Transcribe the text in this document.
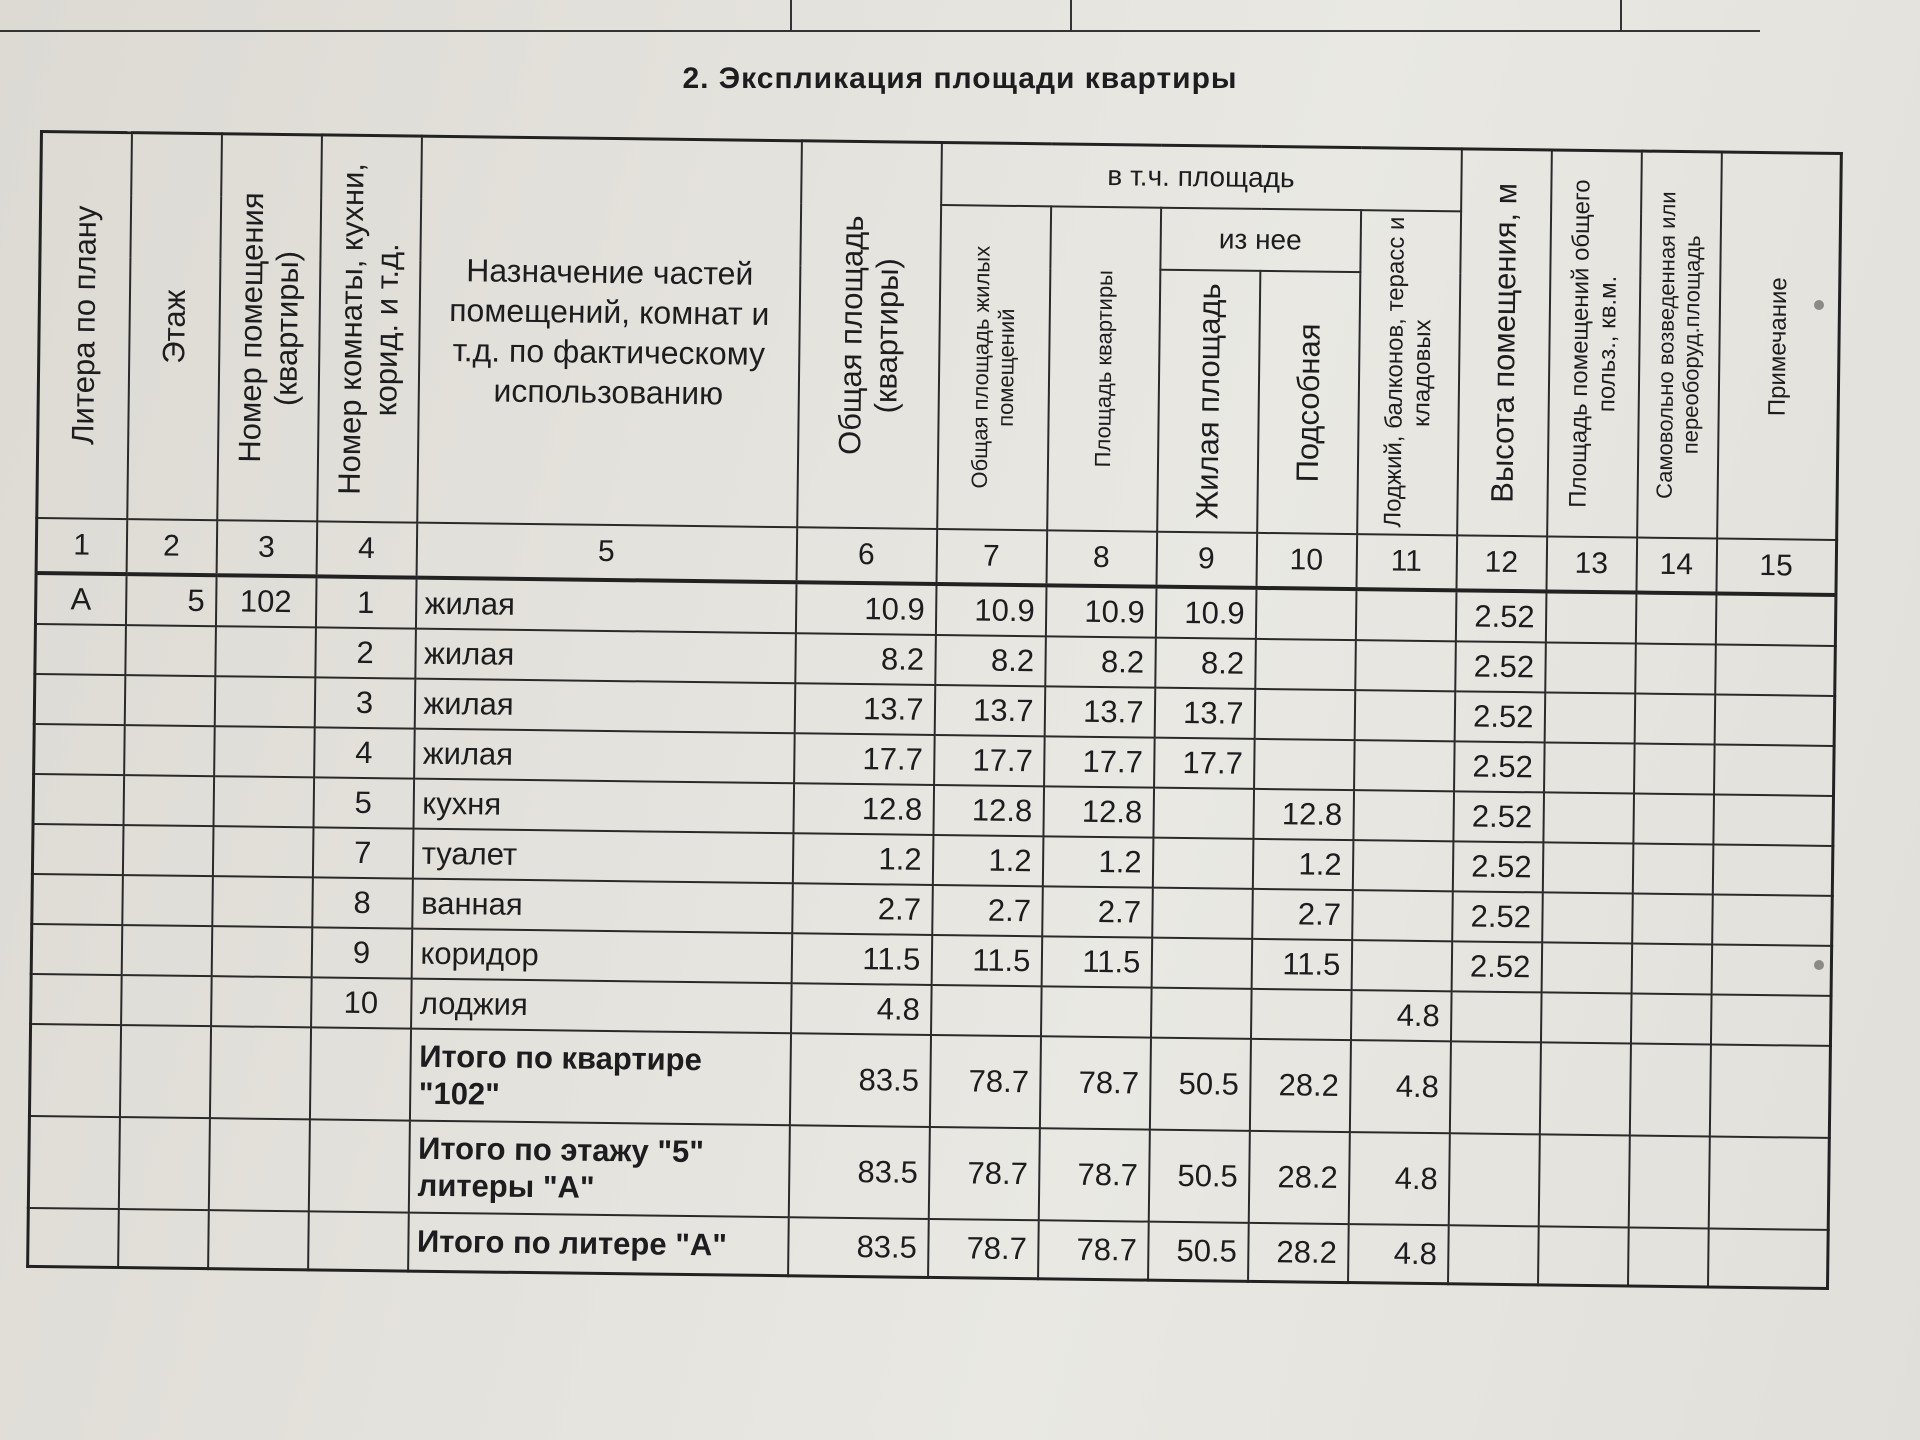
2. Экспликация площади квартиры
Литера по плану	Этаж	Номер помещения (квартиры)	Номер комнаты, кухни, корид. и т.д.	Назначение частей помещений, комнат и т.д. по фактическому использованию	Общая площадь (квартиры)	в т.ч. площадь					Высота помещения, м	Площадь помещений общего польз., кв.м.	Самовольно возведенная или переоборуд.площадь	Примечание

						Общая площадь жилых помещений	Площадь квартиры	из нее		Лоджий, балконов, терасс и кладовых				

								Жилая площадь	Подсобная					

1	2	3	4	5	6	7	8	9	10	11	12	13	14	15
А	5	102	1	жилая	10.9	10.9	10.9	10.9			2.52			
			2	жилая	8.2	8.2	8.2	8.2			2.52			
			3	жилая	13.7	13.7	13.7	13.7			2.52			
			4	жилая	17.7	17.7	17.7	17.7			2.52			
			5	кухня	12.8	12.8	12.8		12.8		2.52			
			7	туалет	1.2	1.2	1.2		1.2		2.52			
			8	ванная	2.7	2.7	2.7		2.7		2.52			
			9	коридор	11.5	11.5	11.5		11.5		2.52			
			10	лоджия	4.8					4.8				
				Итого по квартире "102"	83.5	78.7	78.7	50.5	28.2	4.8				
				Итого по этажу "5" литеры "А"	83.5	78.7	78.7	50.5	28.2	4.8				
				Итого по литере "А"	83.5	78.7	78.7	50.5	28.2	4.8				
